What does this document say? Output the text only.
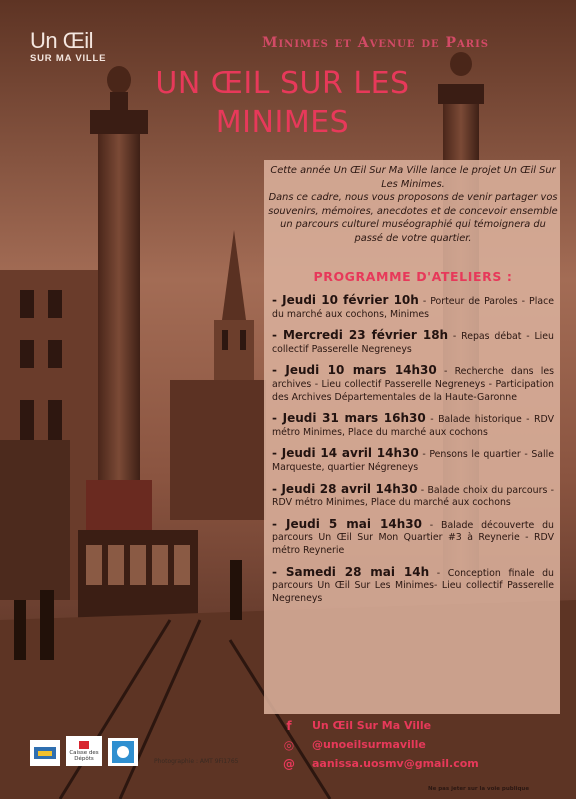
Un Œil
SUR MA VILLE
Minimes et Avenue de Paris
UN ŒIL SUR LES MINIMES
Cette année Un Œil Sur Ma Ville lance le projet Un Œil Sur Les Minimes.
Dans ce cadre, nous vous proposons de venir partager vos souvenirs, mémoires, anecdotes et de concevoir ensemble un parcours culturel muséographié qui témoignera du passé de votre quartier.
PROGRAMME D'ATELIERS :
- Jeudi 10 février 10h - Porteur de Paroles - Place du marché aux cochons, Minimes
- Mercredi 23 février 18h - Repas débat - Lieu collectif Passerelle Negreneys
- Jeudi 10 mars 14h30 - Recherche dans les archives - Lieu collectif Passerelle Negreneys - Participation des Archives Départementales de la Haute-Garonne
- Jeudi 31 mars 16h30 - Balade historique - RDV métro Minimes, Place du marché aux cochons
- Jeudi 14 avril 14h30 - Pensons le quartier - Salle Marqueste, quartier Négreneys
- Jeudi 28 avril 14h30 - Balade choix du parcours - RDV métro Minimes, Place du marché aux cochons
- Jeudi 5 mai 14h30 - Balade découverte du parcours Un Œil Sur Mon Quartier #3 à Reynerie - RDV métro Reynerie
- Samedi 28 mai 14h - Conception finale du parcours Un Œil Sur Les Minimes- Lieu collectif Passerelle Negreneys
f	Un Œil Sur Ma Ville
◎	@unoeilsurmaville
@	aanissa.uosmv@gmail.com
Caisse des Dépôts	Photographie : AMT 9Fi1765
Ne pas jeter sur la voie publique
